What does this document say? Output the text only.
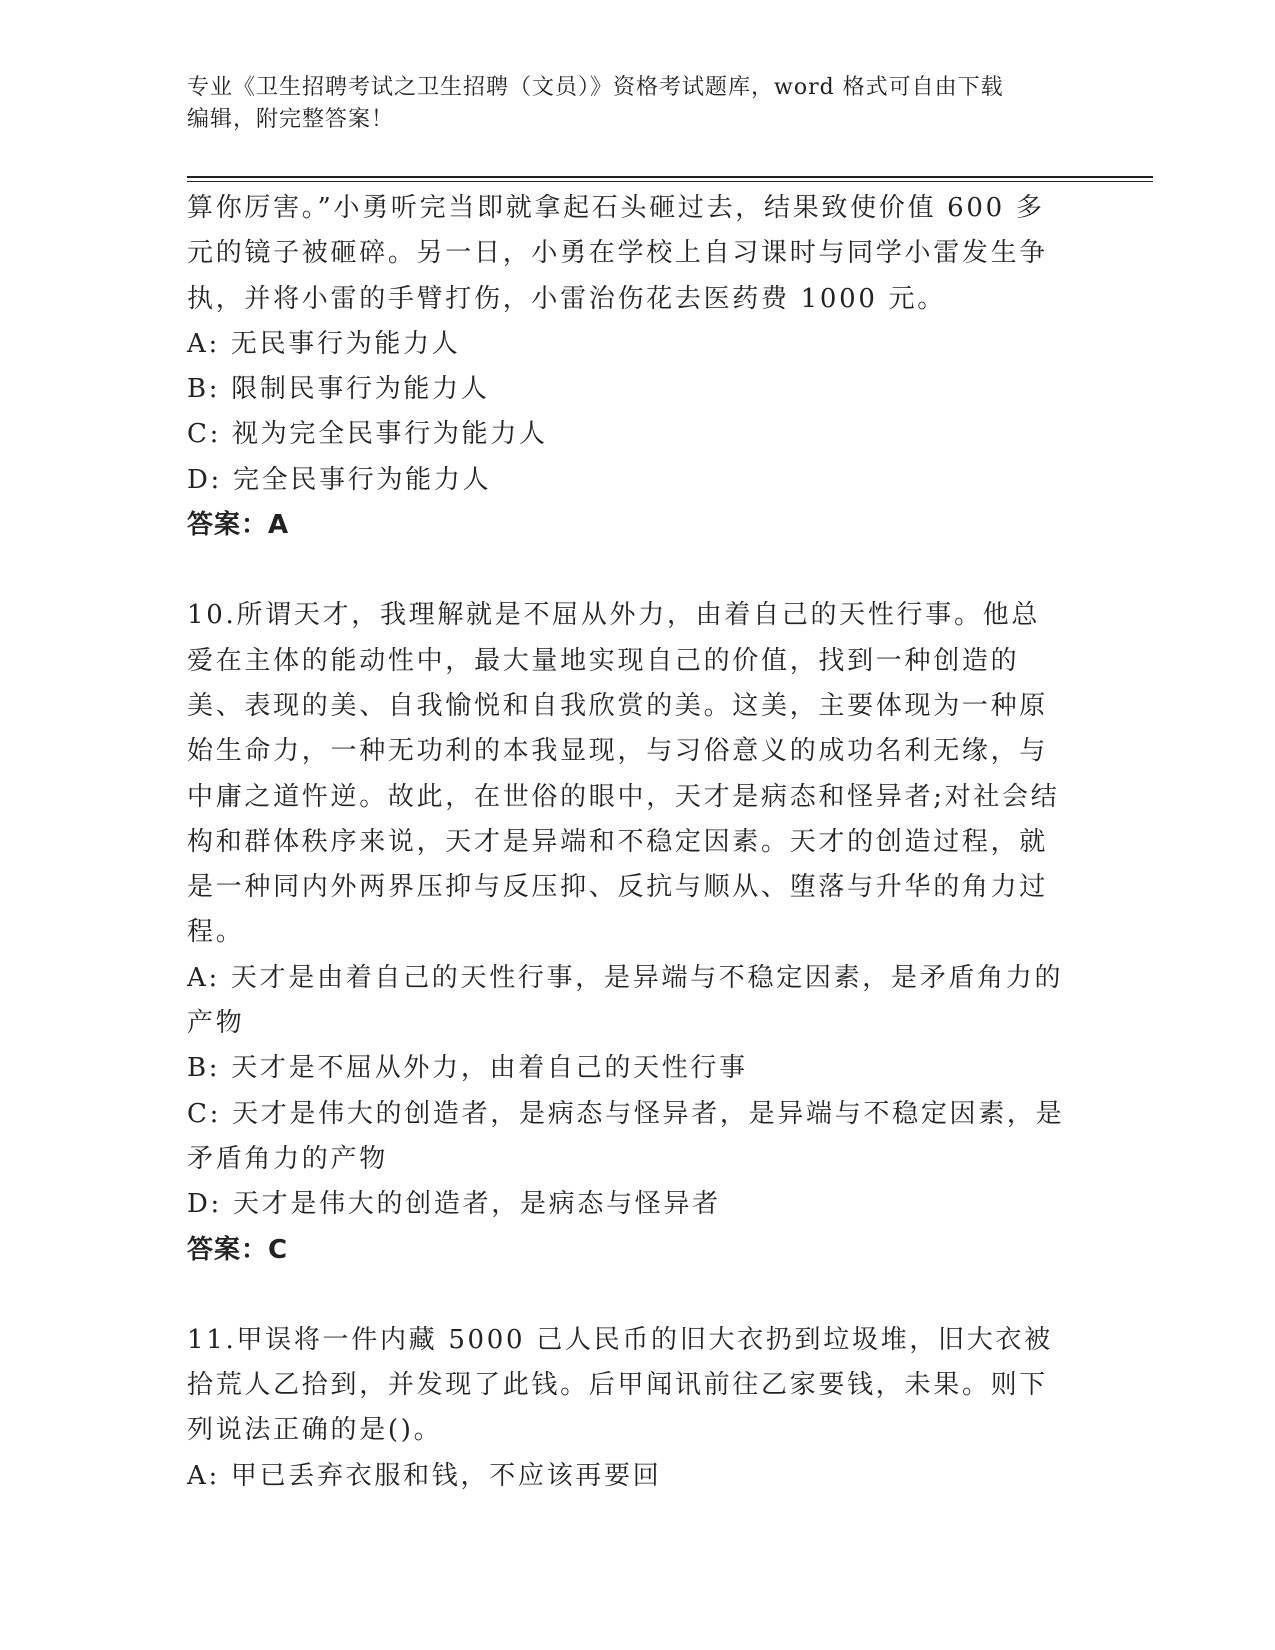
专业《卫生招聘考试之卫生招聘（文员）》资格考试题库，word 格式可自由下载
编辑，附完整答案！

算你厉害。”小勇听完当即就拿起石头砸过去，结果致使价值 600 多元的镜子被砸碎。另一日，小勇在学校上自习课时与同学小雷发生争执，并将小雷的手臂打伤，小雷治伤花去医药费 1000 元。

A: 无民事行为能力人

B: 限制民事行为能力人

C: 视为完全民事行为能力人

D: 完全民事行为能力人

答案：A

10.所谓天才，我理解就是不屈从外力，由着自己的天性行事。他总爱在主体的能动性中，最大量地实现自己的价值，找到一种创造的美、表现的美、自我愉悦和自我欣赏的美。这美，主要体现为一种原始生命力，一种无功利的本我显现，与习俗意义的成功名利无缘，与中庸之道忤逆。故此，在世俗的眼中，天才是病态和怪异者;对社会结构和群体秩序来说，天才是异端和不稳定因素。天才的创造过程，就是一种同内外两界压抑与反压抑、反抗与顺从、堕落与升华的角力过程。

A: 天才是由着自己的天性行事，是异端与不稳定因素，是矛盾角力的产物

B: 天才是不屈从外力，由着自己的天性行事

C: 天才是伟大的创造者，是病态与怪异者，是异端与不稳定因素，是矛盾角力的产物

D: 天才是伟大的创造者，是病态与怪异者

答案：C

11.甲误将一件内藏 5000 己人民币的旧大衣扔到垃圾堆，旧大衣被拾荒人乙拾到，并发现了此钱。后甲闻讯前往乙家要钱，未果。则下列说法正确的是()。

A: 甲已丢弃衣服和钱，不应该再要回
